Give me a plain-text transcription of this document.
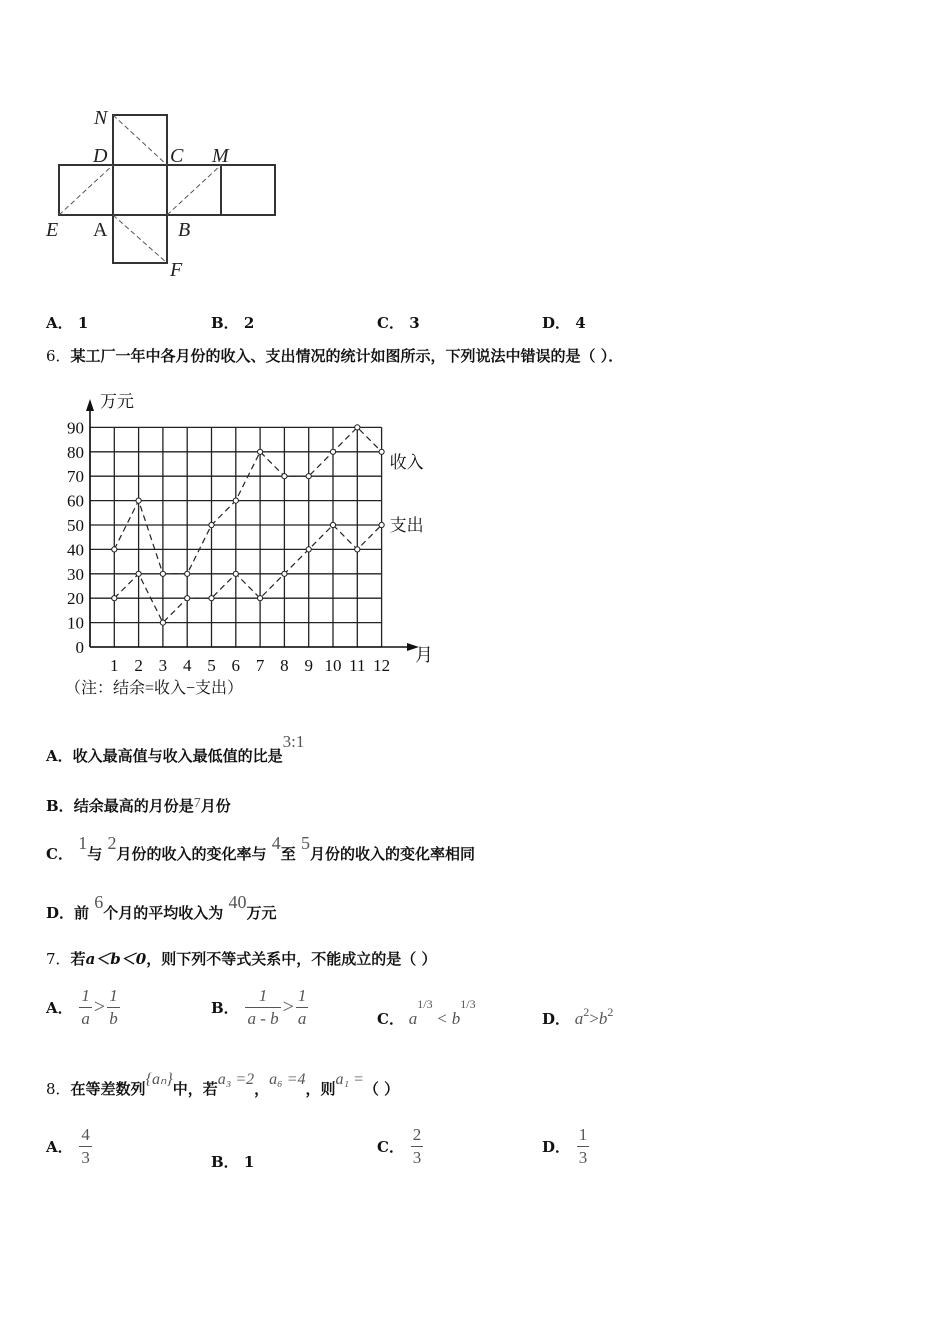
N
D	C M
E A	B
F
A． 1	B． 2	C． 3	D． 4
6．某工厂一年中各月份的收入、支出情况的统计如图所示，下列说法中错误的是（ ）．
0
10
20
30
40
50
60
70
80
90
1 2 3 4 5 6 7 8 9 10 11 12
万元
月
（注：结余=收入−支出）
收入
支出
A．收入最高值与收入最低值的比是3:1
B．结余最高的月份是7月份
C． 1与 2月份的收入的变化率与 4至 5月份的收入的变化率相同
D．前 6个月的平均收入为 40万元
7．若a＜b＜0，则下列不等式关系中，不能成立的是（ ）
A． $\frac{1}{a} > \frac{1}{b}$	B． $\frac{1}{a - b} > \frac{1}{a}$	C． $a^{1/3} < b^{1/3}$
D． $a^2>b^2$
8．在等差数列{aₙ}中，若a₃ =2，a₆ =4，则a₁ =（ ）
A． $\frac{4}{3}$	B． 1
C． $\frac{2}{3}$	D． $\frac{1}{3}$
